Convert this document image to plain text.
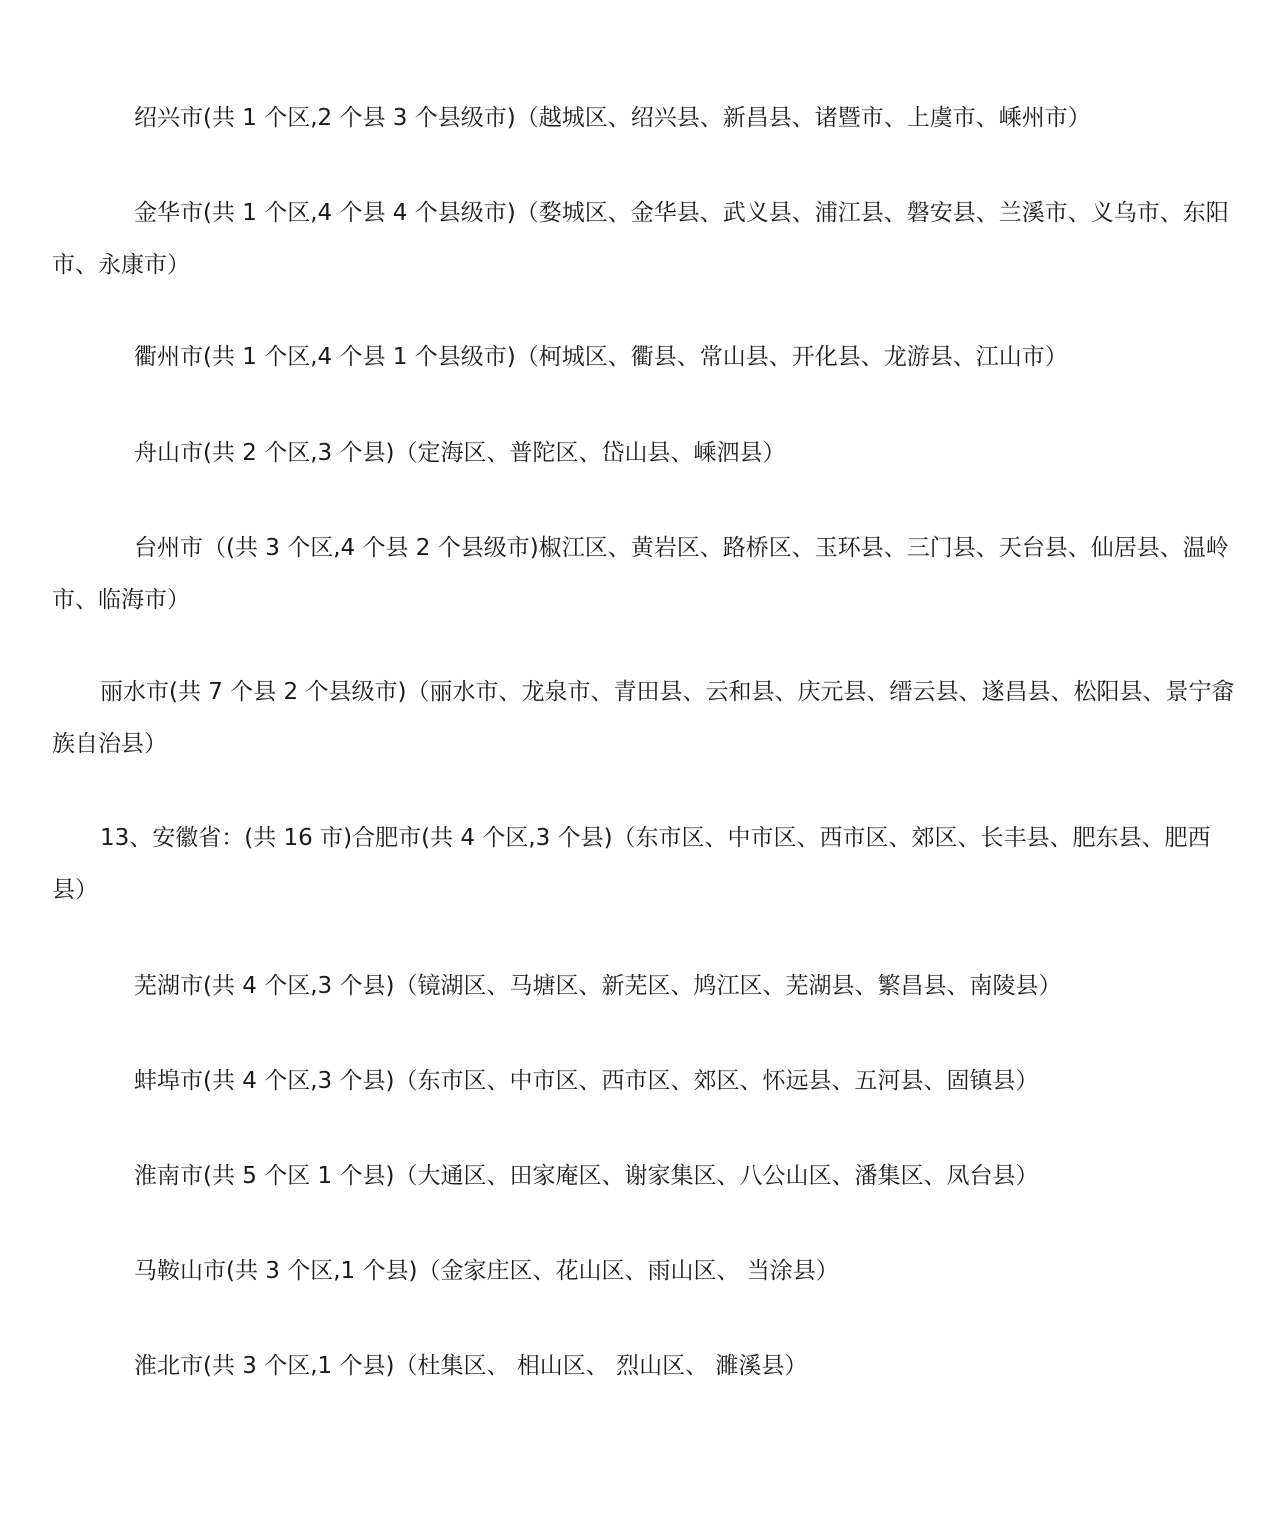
绍兴市(共 1 个区,2 个县 3 个县级市)（越城区、绍兴县、新昌县、诸暨市、上虞市、嵊州市）

金华市(共 1 个区,4 个县 4 个县级市)（婺城区、金华县、武义县、浦江县、磐安县、兰溪市、义乌市、东阳市、永康市）

衢州市(共 1 个区,4 个县 1 个县级市)（柯城区、衢县、常山县、开化县、龙游县、江山市）

舟山市(共 2 个区,3 个县)（定海区、普陀区、岱山县、嵊泗县）

台州市（(共 3 个区,4 个县 2 个县级市)椒江区、黄岩区、路桥区、玉环县、三门县、天台县、仙居县、温岭市、临海市）

丽水市(共 7 个县 2 个县级市)（丽水市、龙泉市、青田县、云和县、庆元县、缙云县、遂昌县、松阳县、景宁畲族自治县）

13、安徽省：(共 16 市)合肥市(共 4 个区,3 个县)（东市区、中市区、西市区、郊区、长丰县、肥东县、肥西县）

芜湖市(共 4 个区,3 个县)（镜湖区、马塘区、新芜区、鸠江区、芜湖县、繁昌县、南陵县）

蚌埠市(共 4 个区,3 个县)（东市区、中市区、西市区、郊区、怀远县、五河县、固镇县）

淮南市(共 5 个区 1 个县)（大通区、田家庵区、谢家集区、八公山区、潘集区、凤台县）

马鞍山市(共 3 个区,1 个县)（金家庄区、花山区、雨山区、 当涂县）

淮北市(共 3 个区,1 个县)（杜集区、 相山区、 烈山区、 濉溪县）
